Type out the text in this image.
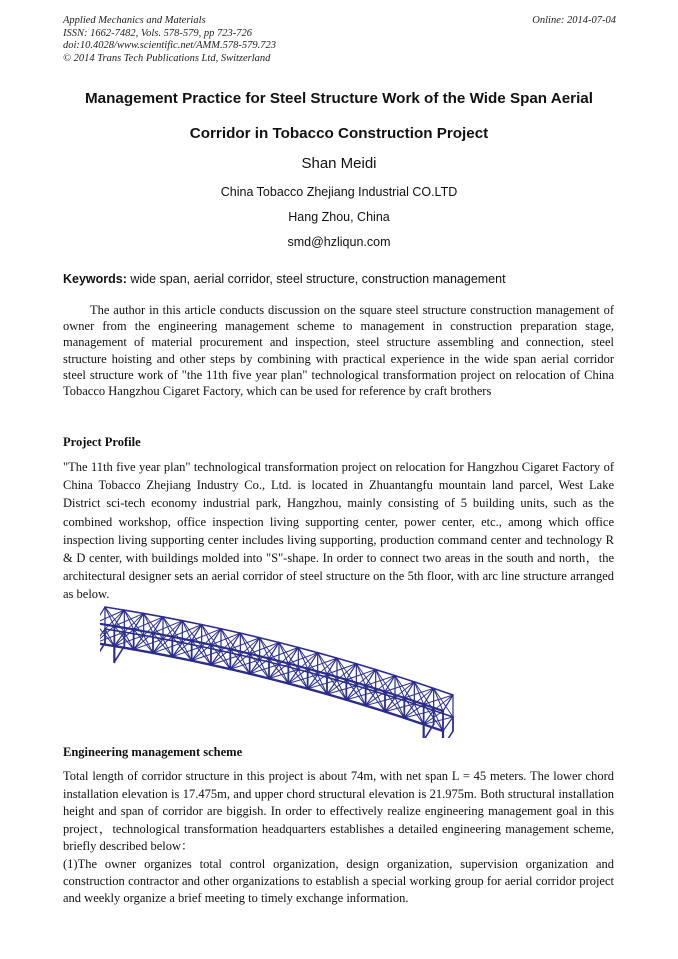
Applied Mechanics and Materials
ISSN: 1662-7482, Vols. 578-579, pp 723-726
doi:10.4028/www.scientific.net/AMM.578-579.723
© 2014 Trans Tech Publications Ltd, Switzerland
Online: 2014-07-04
Management Practice for Steel Structure Work of the Wide Span Aerial
Corridor in Tobacco Construction Project
Shan Meidi
China Tobacco Zhejiang Industrial CO.LTD
Hang Zhou, China
smd@hzliqun.com
Keywords: wide span, aerial corridor, steel structure, construction management

The author in this article conducts discussion on the square steel structure construction management of owner from the engineering management scheme to management in construction preparation stage, management of material procurement and inspection, steel structure assembling and connection, steel structure hoisting and other steps by combining with practical experience in the wide span aerial corridor steel structure work of "the 11th five year plan" technological transformation project on relocation of China Tobacco Hangzhou Cigaret Factory, which can be used for reference by craft brothers

Project Profile

"The 11th five year plan" technological transformation project on relocation for Hangzhou Cigaret Factory of China Tobacco Zhejiang Industry Co., Ltd. is located in Zhuantangfu mountain land parcel, West Lake District sci-tech economy industrial park, Hangzhou, mainly consisting of 5 building units, such as the combined workshop, office inspection living supporting center, power center, etc., among which office inspection living supporting center includes living supporting, production command center and technology R & D center, with buildings molded into "S"-shape. In order to connect two areas in the south and north，the architectural designer sets an aerial corridor of steel structure on the 5th floor, with arc line structure arranged as below.

Engineering management scheme

Total length of corridor structure in this project is about 74m, with net span L = 45 meters. The lower chord installation elevation is 17.475m, and upper chord structural elevation is 21.975m. Both structural installation height and span of corridor are biggish. In order to effectively realize engineering management goal in this project，technological transformation headquarters establishes a detailed engineering management scheme, briefly described below：

(1)The owner organizes total control organization, design organization, supervision organization and construction contractor and other organizations to establish a special working group for aerial corridor project and weekly organize a brief meeting to timely exchange information.
